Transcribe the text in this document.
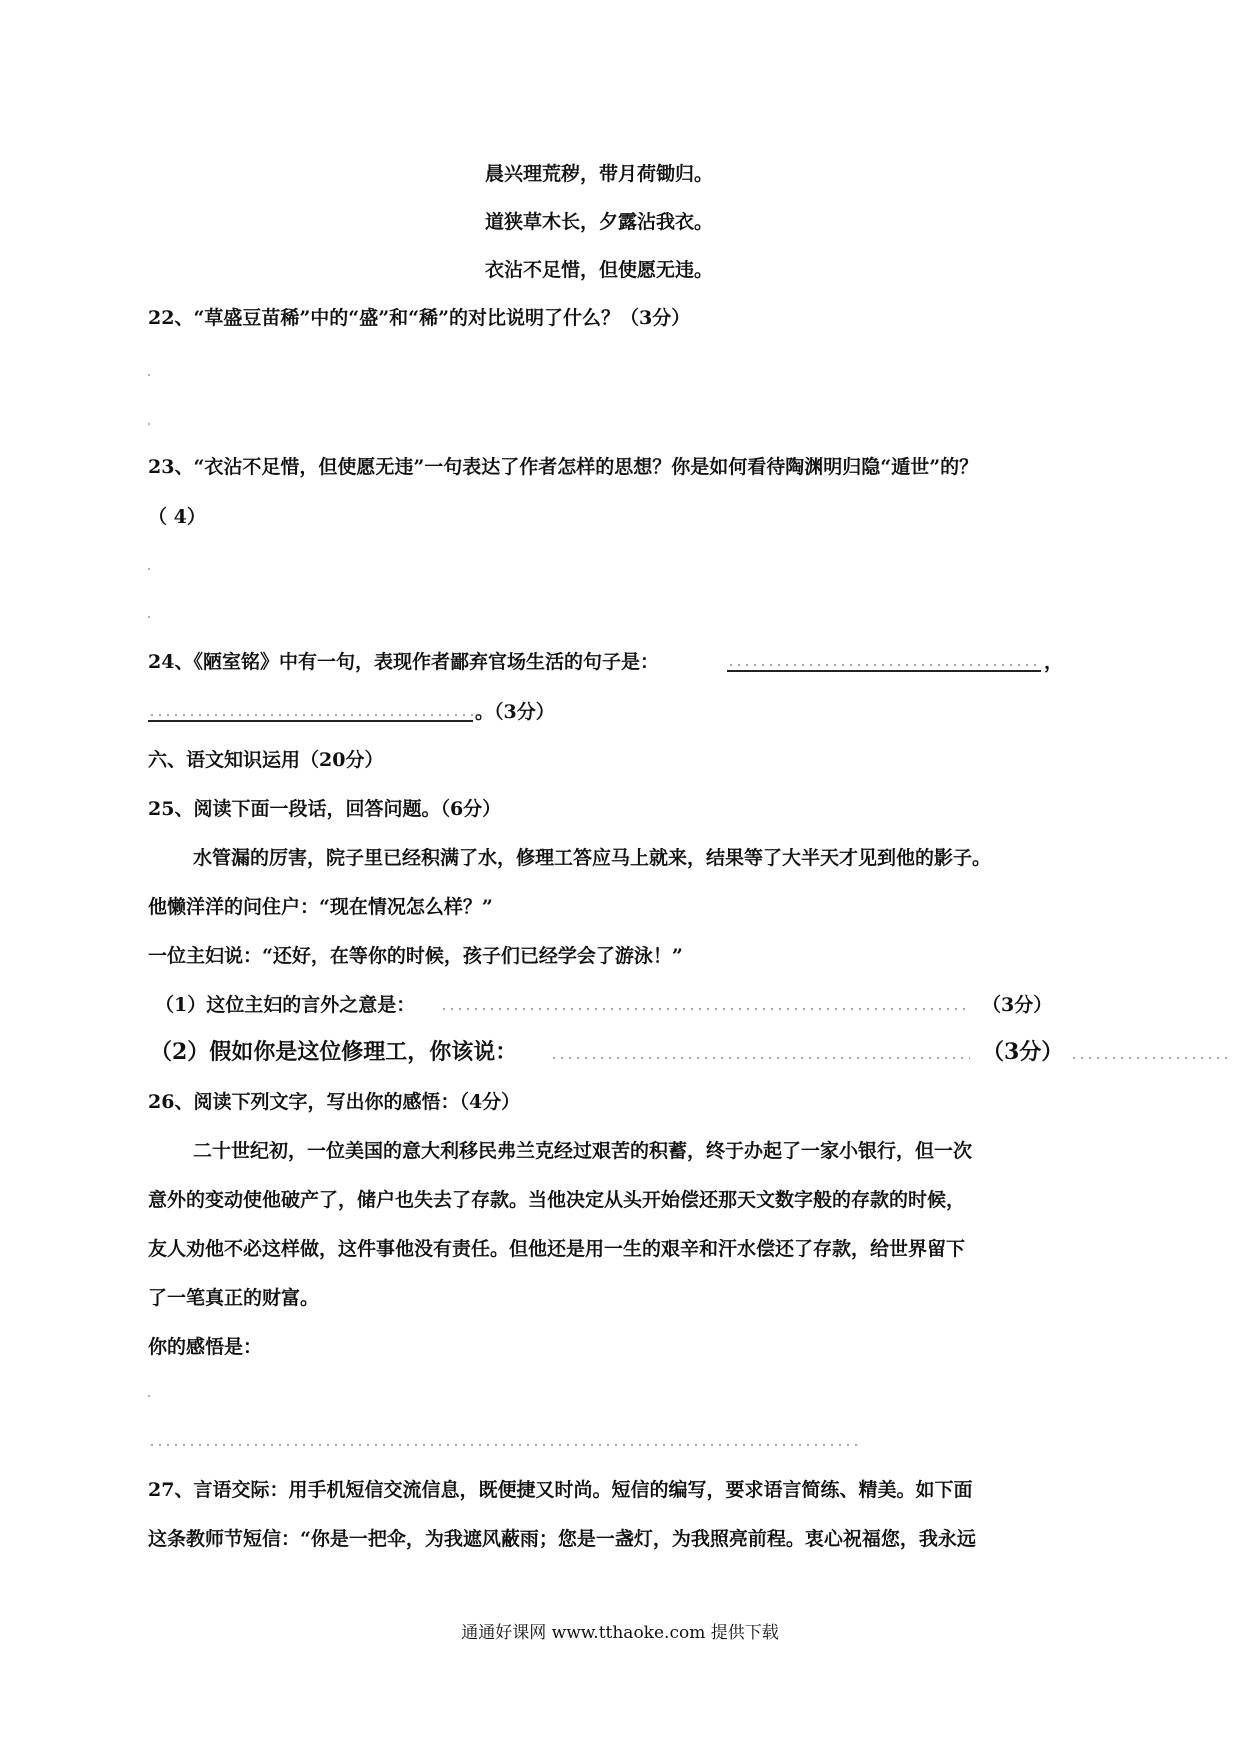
晨兴理荒秽，带月荷锄归。
道狭草木长，夕露沾我衣。
衣沾不足惜，但使愿无违。
22、“草盛豆苗稀”中的“盛”和“稀”的对比说明了什么？（3分）
23、“衣沾不足惜，但使愿无违”一句表达了作者怎样的思想？你是如何看待陶渊明归隐“遁世”的？
（ 4）
24、《陋室铭》中有一句，表现作者鄙弃官场生活的句子是：	，
。（3分）
六、语文知识运用（20分）
25、阅读下面一段话，回答问题。（6分）
水管漏的厉害，院子里已经积满了水，修理工答应马上就来，结果等了大半天才见到他的影子。
他懒洋洋的问住户：“现在情况怎么样？”
一位主妇说：“还好，在等你的时候，孩子们已经学会了游泳！”
（1）这位主妇的言外之意是：	（3分）
（2）假如你是这位修理工，你该说：	（3分）
26、阅读下列文字，写出你的感悟：（4分）
二十世纪初，一位美国的意大利移民弗兰克经过艰苦的积蓄，终于办起了一家小银行，但一次
意外的变动使他破产了，储户也失去了存款。当他决定从头开始偿还那天文数字般的存款的时候，
友人劝他不必这样做，这件事他没有责任。但他还是用一生的艰辛和汗水偿还了存款，给世界留下
了一笔真正的财富。
你的感悟是：
27、言语交际：用手机短信交流信息，既便捷又时尚。短信的编写，要求语言简练、精美。如下面
这条教师节短信：“你是一把伞，为我遮风蔽雨；您是一盏灯，为我照亮前程。衷心祝福您，我永远
通通好课网 www.tthaoke.com 提供下载
